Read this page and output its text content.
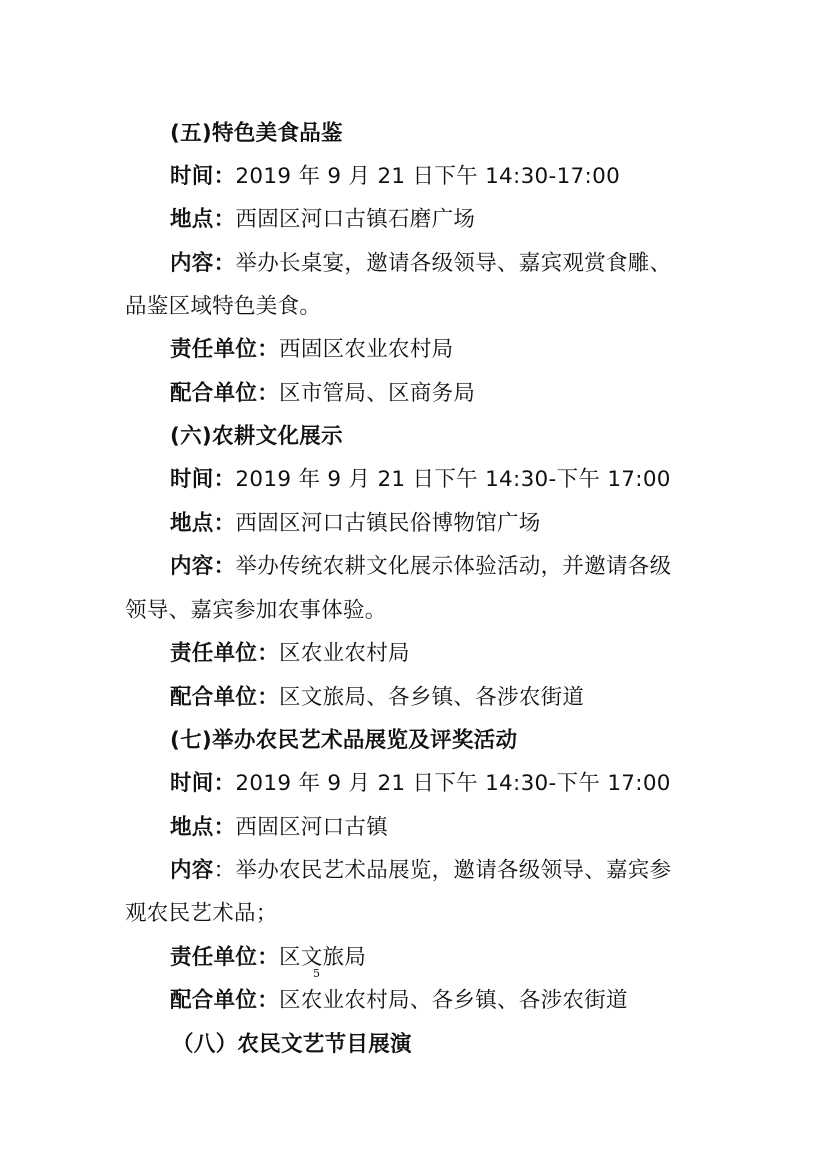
(五)特色美食品鉴
时间：2019 年 9 月 21 日下午 14:30-17:00
地点：西固区河口古镇石磨广场
内容：举办长桌宴，邀请各级领导、嘉宾观赏食雕、
品鉴区域特色美食。
责任单位：西固区农业农村局
配合单位：区市管局、区商务局
(六)农耕文化展示
时间：2019 年 9 月 21 日下午 14:30-下午 17:00
地点：西固区河口古镇民俗博物馆广场
内容：举办传统农耕文化展示体验活动，并邀请各级
领导、嘉宾参加农事体验。
责任单位：区农业农村局
配合单位：区文旅局、各乡镇、各涉农街道
(七)举办农民艺术品展览及评奖活动
时间：2019 年 9 月 21 日下午 14:30-下午 17:00
地点：西固区河口古镇
内容：举办农民艺术品展览，邀请各级领导、嘉宾参
观农民艺术品；
责任单位：区文旅局
5
配合单位：区农业农村局、各乡镇、各涉农街道
（八）农民文艺节目展演
